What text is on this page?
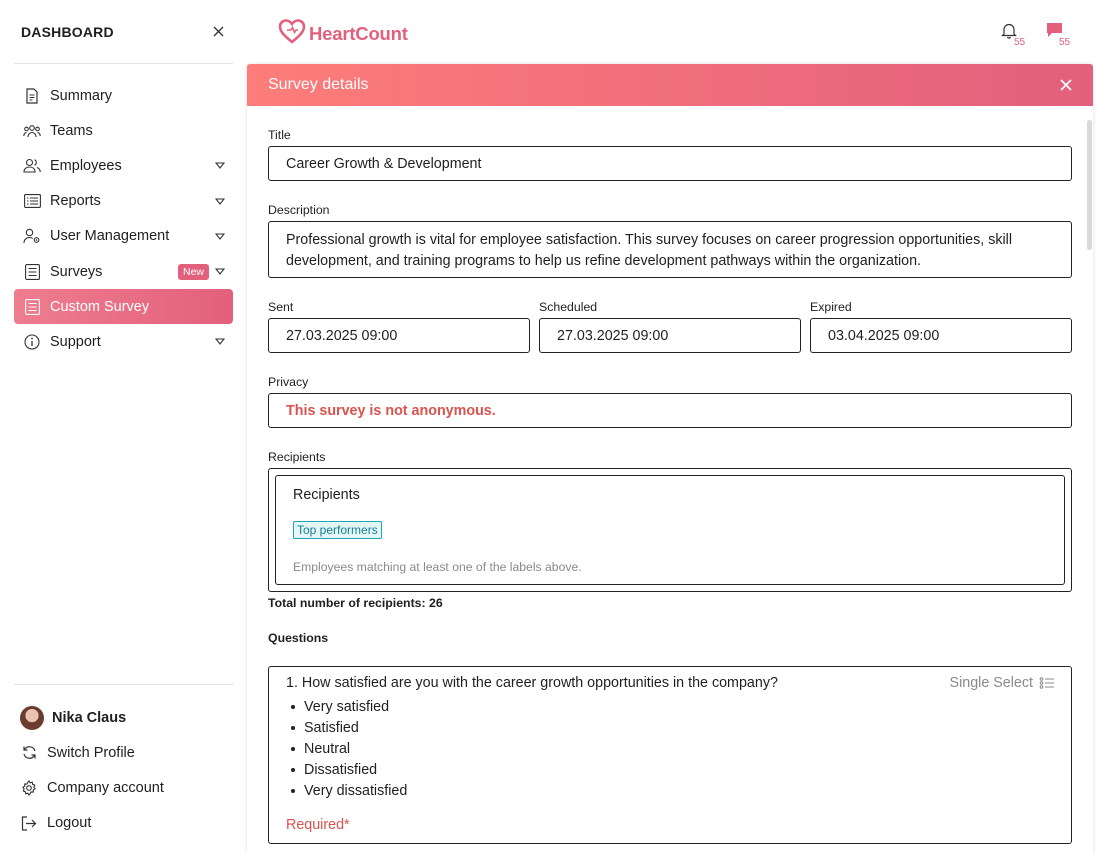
DASHBOARD
Summary
Teams
Employees
Reports
User Management
Surveys	New
Custom Survey
Support
Nika Claus
Switch Profile
Company account
Logout
HeartCount	55	55
Survey details
Title
Career Growth & Development
Description
Professional growth is vital for employee satisfaction. This survey focuses on career progression opportunities, skill development, and training programs to help us refine development pathways within the organization.
Sent
27.03.2025 09:00
Scheduled
27.03.2025 09:00
Expired
03.04.2025 09:00
Privacy
This survey is not anonymous.
Recipients
Recipients
Top performers
Employees matching at least one of the labels above.
Total number of recipients: 26
Questions
1. How satisfied are you with the career growth opportunities in the company?	Single Select
Very satisfied
Satisfied
Neutral
Dissatisfied
Very dissatisfied
Required*
